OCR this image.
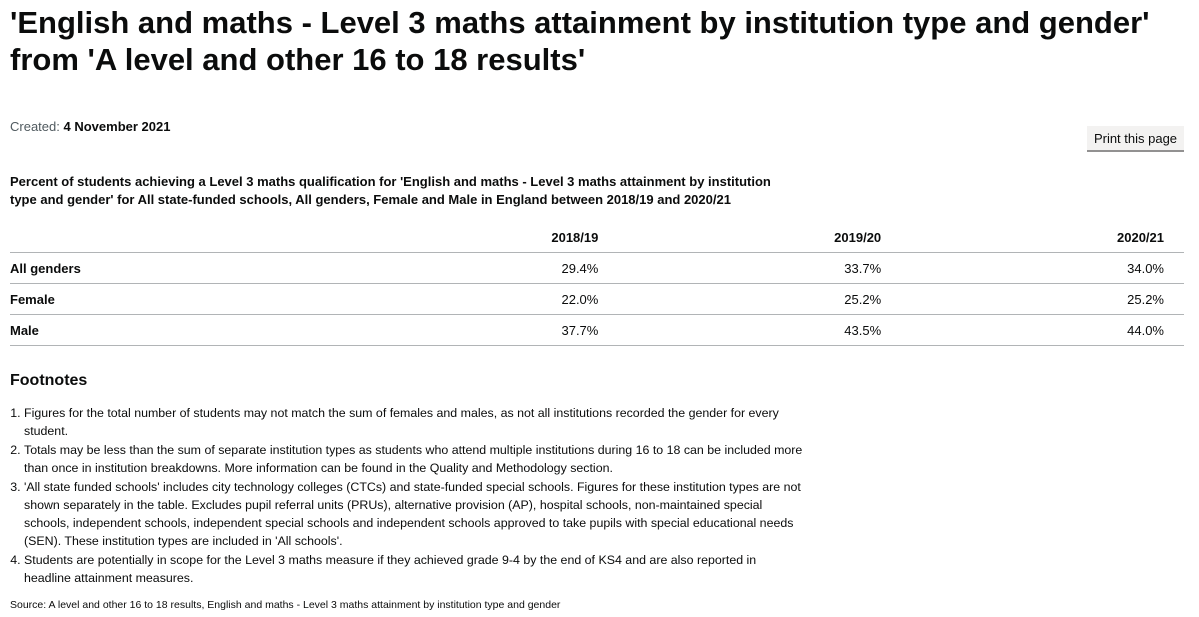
'English and maths - Level 3 maths attainment by institution type and gender' from 'A level and other 16 to 18 results'
Created: 4 November 2021
Print this page
Percent of students achieving a Level 3 maths qualification for 'English and maths - Level 3 maths attainment by institution type and gender' for All state-funded schools, All genders, Female and Male in England between 2018/19 and 2020/21
	2018/19	2019/20	2020/21
All genders	29.4%	33.7%	34.0%
Female	22.0%	25.2%	25.2%
Male	37.7%	43.5%	44.0%
Footnotes
1. Figures for the total number of students may not match the sum of females and males, as not all institutions recorded the gender for every student.
2. Totals may be less than the sum of separate institution types as students who attend multiple institutions during 16 to 18 can be included more than once in institution breakdowns. More information can be found in the Quality and Methodology section.
3. 'All state funded schools' includes city technology colleges (CTCs) and state-funded special schools. Figures for these institution types are not shown separately in the table. Excludes pupil referral units (PRUs), alternative provision (AP), hospital schools, non-maintained special schools, independent schools, independent special schools and independent schools approved to take pupils with special educational needs (SEN). These institution types are included in 'All schools'.
4. Students are potentially in scope for the Level 3 maths measure if they achieved grade 9-4 by the end of KS4 and are also reported in headline attainment measures.
Source: A level and other 16 to 18 results, English and maths - Level 3 maths attainment by institution type and gender
